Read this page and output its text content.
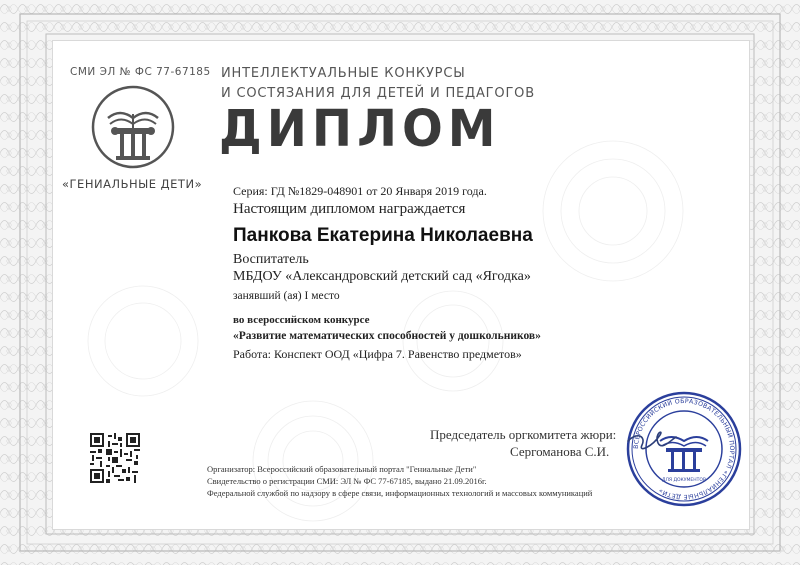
СМИ ЭЛ № ФС 77-67185
«ГЕНИАЛЬНЫЕ ДЕТИ»
ИНТЕЛЛЕКТУАЛЬНЫЕ КОНКУРСЫ
И СОСТЯЗАНИЯ ДЛЯ ДЕТЕЙ И ПЕДАГОГОВ
ДИПЛОМ
Серия: ГД №1829-048901 от 20 Января 2019 года.
Настоящим дипломом награждается
Панкова Екатерина Николаевна
Воспитатель
МБДОУ «Александровский детский сад «Ягодка»
занявший (ая) I место
во всероссийском конкурсе
«Развитие математических способностей у дошкольников»
Работа: Конспект ООД «Цифра 7. Равенство предметов»
Председатель оргкомитета жюри:
Сергоманова С.И.	ВСЕРОССИЙСКИЙ ОБРАЗОВАТЕЛЬНЫЙ ПОРТАЛ «ГЕНИАЛЬНЫЕ ДЕТИ»
ДЛЯ ДОКУМЕНТОВ
Организатор: Всероссийский образовательный портал "Гениальные Дети"
Свидетельство о регистрации СМИ: ЭЛ № ФС 77-67185, выдано 21.09.2016г.
Федеральной службой по надзору в сфере связи, информационных технологий и массовых коммуникаций
